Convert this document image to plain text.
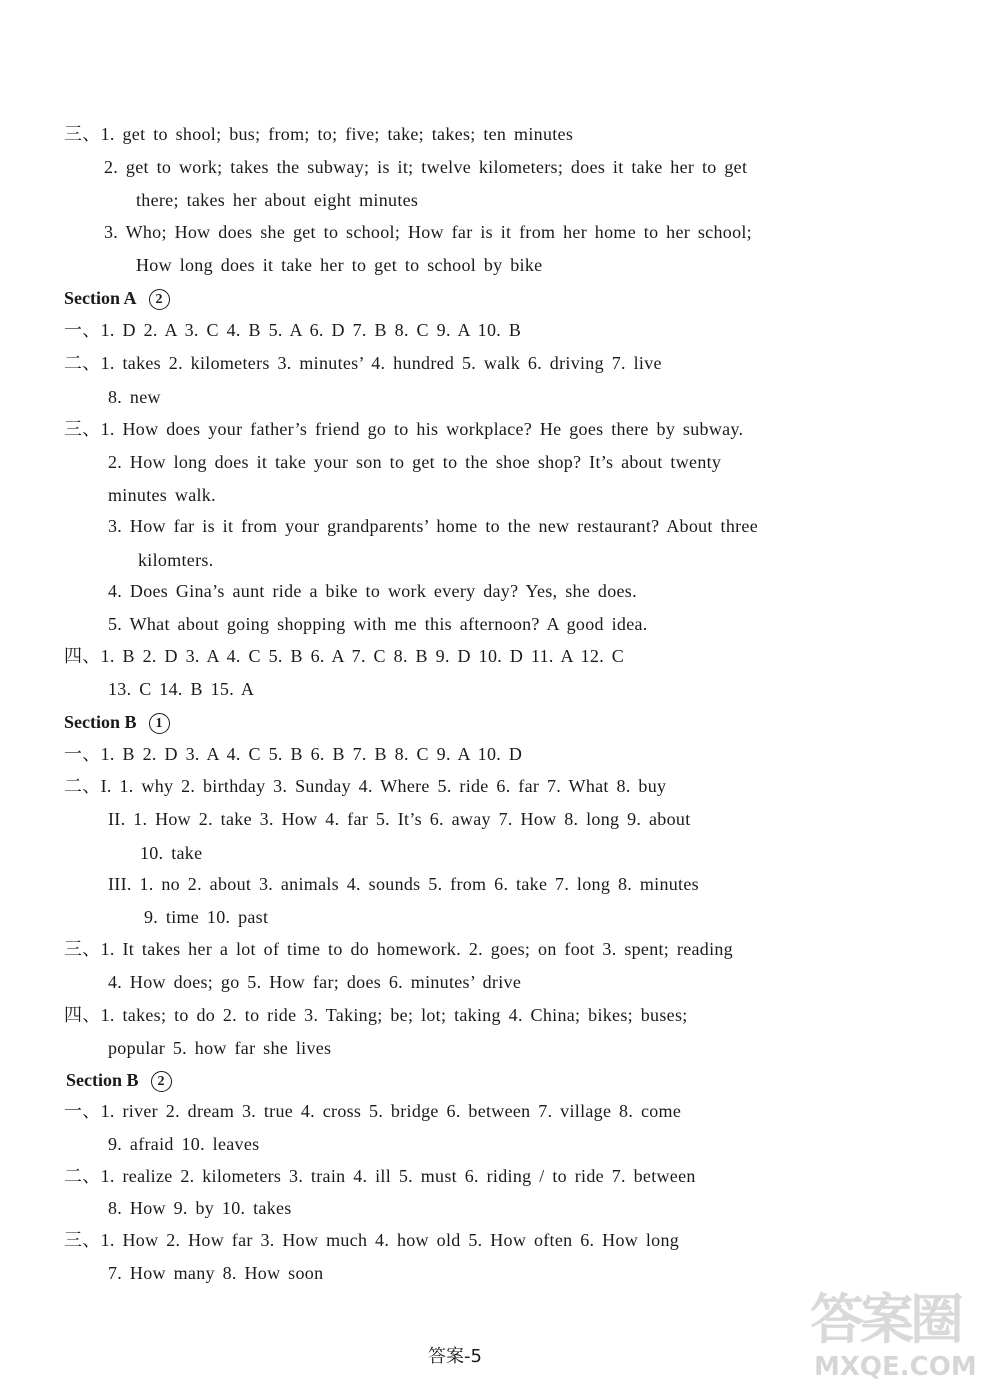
三、1. get to shool; bus; from; to; five; take; takes; ten minutes
2. get to work; takes the subway; is it; twelve kilometers; does it take her to get
there; takes her about eight minutes
3. Who; How does she get to school; How far is it from her home to her school;
How long does it take her to get to school by bike
Section A 2
一、1. D 2. A 3. C 4. B 5. A 6. D 7. B 8. C 9. A 10. B
二、1. takes 2. kilometers 3. minutes’ 4. hundred 5. walk 6. driving 7. live
8. new
三、1. How does your father’s friend go to his workplace? He goes there by subway.
2. How long does it take your son to get to the shoe shop? It’s about twenty
minutes walk.
3. How far is it from your grandparents’ home to the new restaurant? About three
kilomters.
4. Does Gina’s aunt ride a bike to work every day? Yes, she does.
5. What about going shopping with me this afternoon? A good idea.
四、1. B 2. D 3. A 4. C 5. B 6. A 7. C 8. B 9. D 10. D 11. A 12. C
13. C 14. B 15. A
Section B 1
一、1. B 2. D 3. A 4. C 5. B 6. B 7. B 8. C 9. A 10. D
二、I. 1. why 2. birthday 3. Sunday 4. Where 5. ride 6. far 7. What 8. buy
II. 1. How 2. take 3. How 4. far 5. It’s 6. away 7. How 8. long 9. about
10. take
III. 1. no 2. about 3. animals 4. sounds 5. from 6. take 7. long 8. minutes
9. time 10. past
三、1. It takes her a lot of time to do homework. 2. goes; on foot 3. spent; reading
4. How does; go 5. How far; does 6. minutes’ drive
四、1. takes; to do 2. to ride 3. Taking; be; lot; taking 4. China; bikes; buses;
popular 5. how far she lives
Section B 2
一、1. river 2. dream 3. true 4. cross 5. bridge 6. between 7. village 8. come
9. afraid 10. leaves
二、1. realize 2. kilometers 3. train 4. ill 5. must 6. riding / to ride 7. between
8. How 9. by 10. takes
三、1. How 2. How far 3. How much 4. how old 5. How often 6. How long
7. How many 8. How soon
答案-5
答案圈
MXQE.COM
